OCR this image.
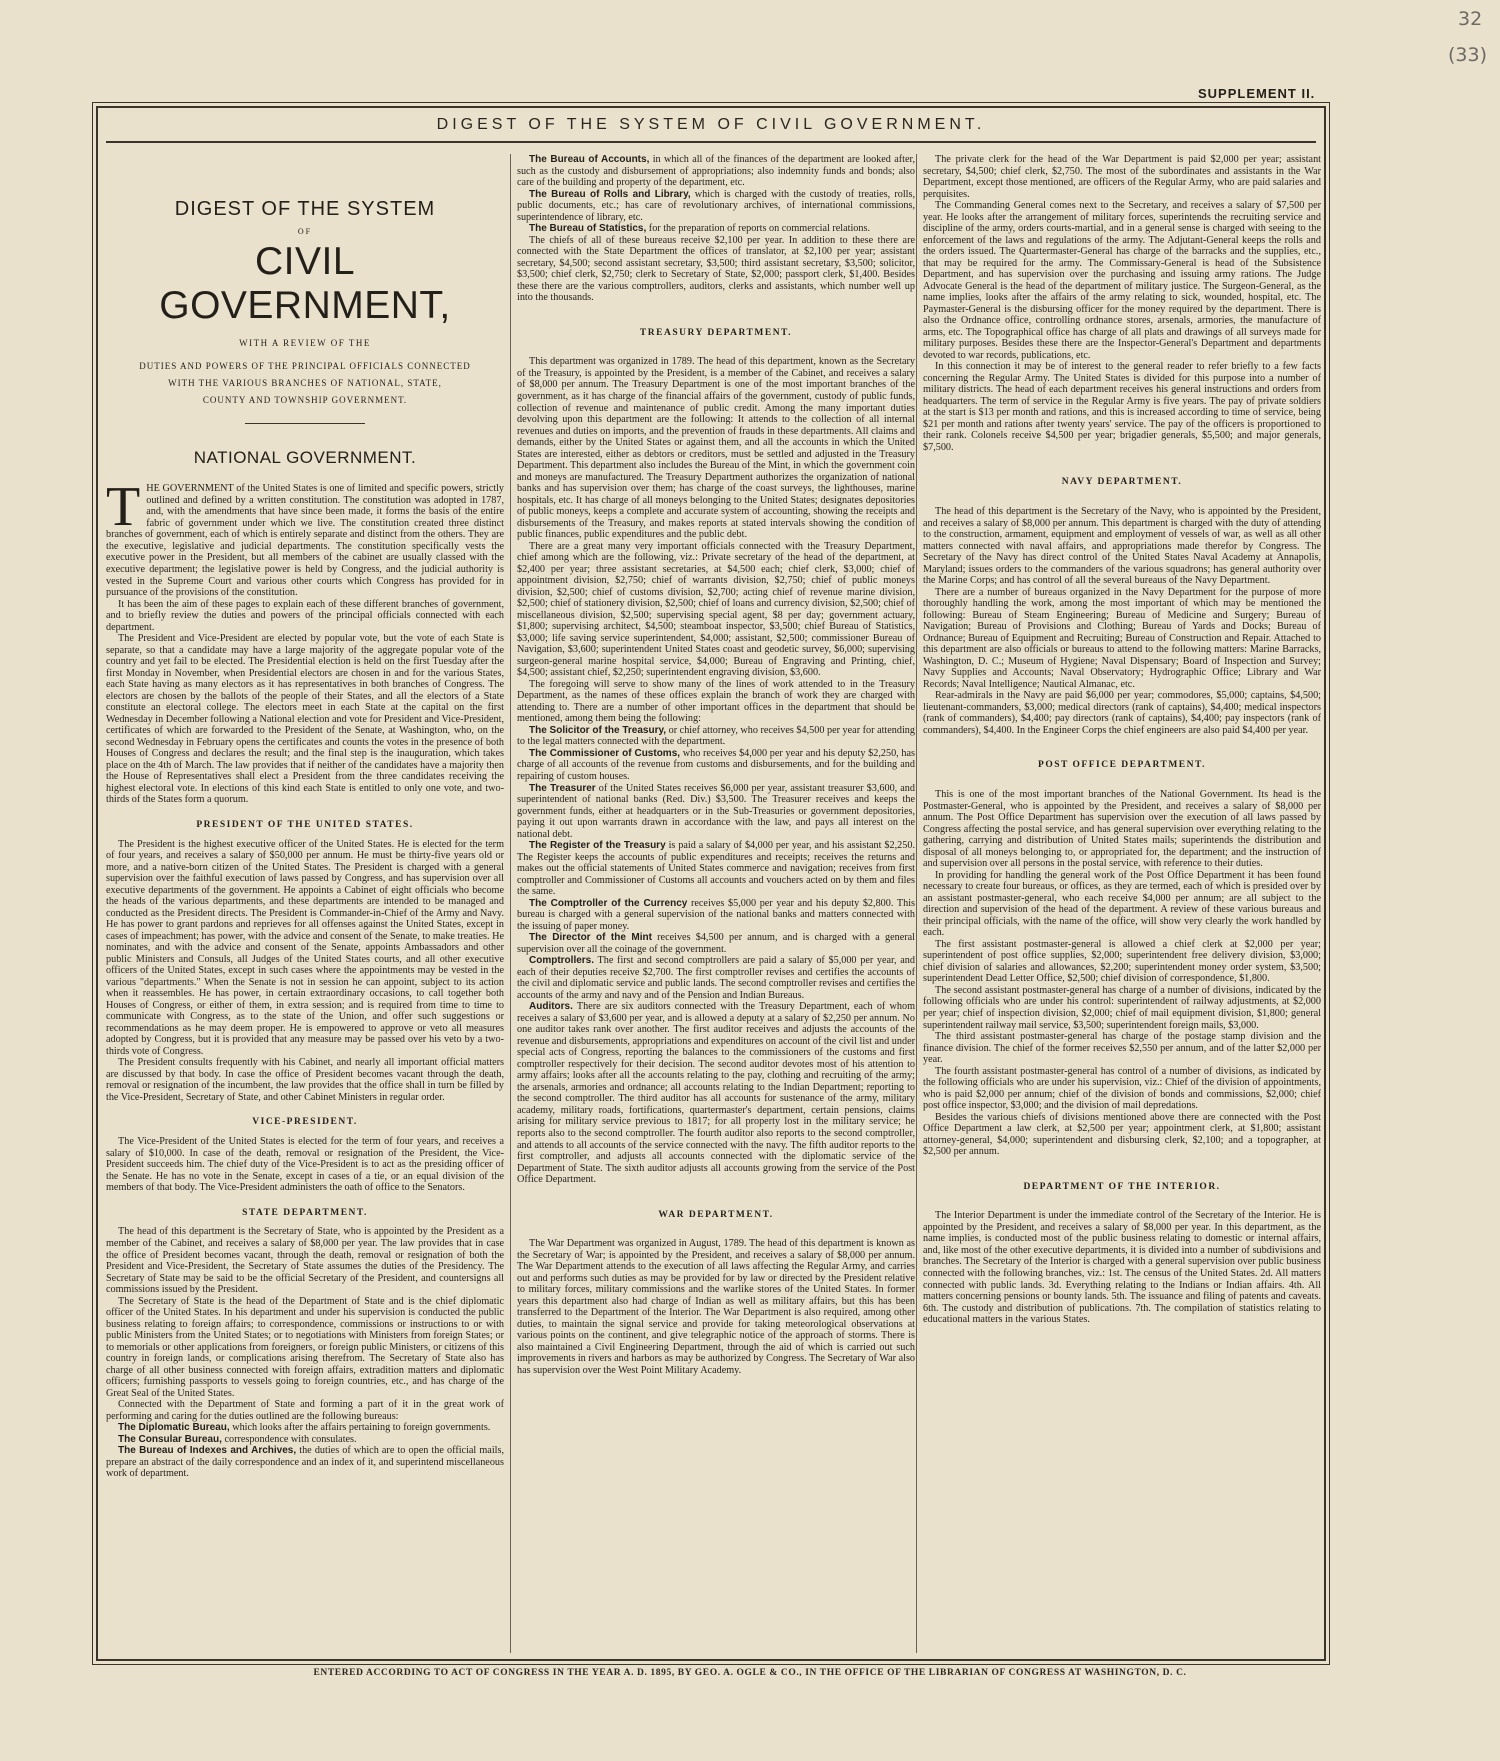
32
(33)
SUPPLEMENT II.
DIGEST OF THE SYSTEM OF CIVIL GOVERNMENT.
DIGEST OF THE SYSTEM
OF
CIVIL GOVERNMENT,
WITH A REVIEW OF THE
DUTIES AND POWERS OF THE PRINCIPAL OFFICIALS CONNECTED
WITH THE VARIOUS BRANCHES OF NATIONAL, STATE,
COUNTY AND TOWNSHIP GOVERNMENT.
NATIONAL GOVERNMENT.

THE GOVERNMENT of the United States is one of limited and specific powers, strictly outlined and defined by a written constitution. The constitution was adopted in 1787, and, with the amendments that have since been made, it forms the basis of the entire fabric of government under which we live. The constitution created three distinct branches of government, each of which is entirely separate and distinct from the others. They are the executive, legislative and judicial departments. The constitution specifically vests the executive power in the President, but all members of the cabinet are usually classed with the executive department; the legislative power is held by Congress, and the judicial authority is vested in the Supreme Court and various other courts which Congress has provided for in pursuance of the provisions of the constitution.

It has been the aim of these pages to explain each of these different branches of government, and to briefly review the duties and powers of the principal officials connected with each department.

The President and Vice-President are elected by popular vote, but the vote of each State is separate, so that a candidate may have a large majority of the aggregate popular vote of the country and yet fail to be elected. The Presidential election is held on the first Tuesday after the first Monday in November, when Presidential electors are chosen in and for the various States, each State having as many electors as it has representatives in both branches of Congress. The electors are chosen by the ballots of the people of their States, and all the electors of a State constitute an electoral college. The electors meet in each State at the capital on the first Wednesday in December following a National election and vote for President and Vice-President, certificates of which are forwarded to the President of the Senate, at Washington, who, on the second Wednesday in February opens the certificates and counts the votes in the presence of both Houses of Congress and declares the result; and the final step is the inauguration, which takes place on the 4th of March. The law provides that if neither of the candidates have a majority then the House of Representatives shall elect a President from the three candidates receiving the highest electoral vote. In elections of this kind each State is entitled to only one vote, and two-thirds of the States form a quorum.

PRESIDENT OF THE UNITED STATES.

The President is the highest executive officer of the United States. He is elected for the term of four years, and receives a salary of $50,000 per annum. He must be thirty-five years old or more, and a native-born citizen of the United States. The President is charged with a general supervision over the faithful execution of laws passed by Congress, and has supervision over all executive departments of the government. He appoints a Cabinet of eight officials who become the heads of the various departments, and these departments are intended to be managed and conducted as the President directs. The President is Commander-in-Chief of the Army and Navy. He has power to grant pardons and reprieves for all offenses against the United States, except in cases of impeachment; has power, with the advice and consent of the Senate, to make treaties. He nominates, and with the advice and consent of the Senate, appoints Ambassadors and other public Ministers and Consuls, all Judges of the United States courts, and all other executive officers of the United States, except in such cases where the appointments may be vested in the various "departments." When the Senate is not in session he can appoint, subject to its action when it reassembles. He has power, in certain extraordinary occasions, to call together both Houses of Congress, or either of them, in extra session; and is required from time to time to communicate with Congress, as to the state of the Union, and offer such suggestions or recommendations as he may deem proper. He is empowered to approve or veto all measures adopted by Congress, but it is provided that any measure may be passed over his veto by a two-thirds vote of Congress.

The President consults frequently with his Cabinet, and nearly all important official matters are discussed by that body. In case the office of President becomes vacant through the death, removal or resignation of the incumbent, the law provides that the office shall in turn be filled by the Vice-President, Secretary of State, and other Cabinet Ministers in regular order.

VICE-PRESIDENT.

The Vice-President of the United States is elected for the term of four years, and receives a salary of $10,000. In case of the death, removal or resignation of the President, the Vice-President succeeds him. The chief duty of the Vice-President is to act as the presiding officer of the Senate. He has no vote in the Senate, except in cases of a tie, or an equal division of the members of that body. The Vice-President administers the oath of office to the Senators.

STATE DEPARTMENT.

The head of this department is the Secretary of State, who is appointed by the President as a member of the Cabinet, and receives a salary of $8,000 per year. The law provides that in case the office of President becomes vacant, through the death, removal or resignation of both the President and Vice-President, the Secretary of State assumes the duties of the Presidency. The Secretary of State may be said to be the official Secretary of the President, and countersigns all commissions issued by the President.

The Secretary of State is the head of the Department of State and is the chief diplomatic officer of the United States. In his department and under his supervision is conducted the public business relating to foreign affairs; to correspondence, commissions or instructions to or with public Ministers from the United States; or to negotiations with Ministers from foreign States; or to memorials or other applications from foreigners, or foreign public Ministers, or citizens of this country in foreign lands, or complications arising therefrom. The Secretary of State also has charge of all other business connected with foreign affairs, extradition matters and diplomatic officers; furnishing passports to vessels going to foreign countries, etc., and has charge of the Great Seal of the United States.

Connected with the Department of State and forming a part of it in the great work of performing and caring for the duties outlined are the following bureaus:

The Diplomatic Bureau, which looks after the affairs pertaining to foreign governments.

The Consular Bureau, correspondence with consulates.

The Bureau of Indexes and Archives, the duties of which are to open the official mails, prepare an abstract of the daily correspondence and an index of it, and superintend miscellaneous work of department.

The Bureau of Accounts, in which all of the finances of the department are looked after, such as the custody and disbursement of appropriations; also indemnity funds and bonds; also care of the building and property of the department, etc.

The Bureau of Rolls and Library, which is charged with the custody of treaties, rolls, public documents, etc.; has care of revolutionary archives, of international commissions, superintendence of library, etc.

The Bureau of Statistics, for the preparation of reports on commercial relations.

The chiefs of all of these bureaus receive $2,100 per year. In addition to these there are connected with the State Department the offices of translator, at $2,100 per year; assistant secretary, $4,500; second assistant secretary, $3,500; third assistant secretary, $3,500; solicitor, $3,500; chief clerk, $2,750; clerk to Secretary of State, $2,000; passport clerk, $1,400. Besides these there are the various comptrollers, auditors, clerks and assistants, which number well up into the thousands.

TREASURY DEPARTMENT.

This department was organized in 1789. The head of this department, known as the Secretary of the Treasury, is appointed by the President, is a member of the Cabinet, and receives a salary of $8,000 per annum. The Treasury Department is one of the most important branches of the government, as it has charge of the financial affairs of the government, custody of public funds, collection of revenue and maintenance of public credit. Among the many important duties devolving upon this department are the following: It attends to the collection of all internal revenues and duties on imports, and the prevention of frauds in these departments. All claims and demands, either by the United States or against them, and all the accounts in which the United States are interested, either as debtors or creditors, must be settled and adjusted in the Treasury Department. This department also includes the Bureau of the Mint, in which the government coin and moneys are manufactured. The Treasury Department authorizes the organization of national banks and has supervision over them; has charge of the coast surveys, the lighthouses, marine hospitals, etc. It has charge of all moneys belonging to the United States; designates depositories of public moneys, keeps a complete and accurate system of accounting, showing the receipts and disbursements of the Treasury, and makes reports at stated intervals showing the condition of public finances, public expenditures and the public debt.

There are a great many very important officials connected with the Treasury Department, chief among which are the following, viz.: Private secretary of the head of the department, at $2,400 per year; three assistant secretaries, at $4,500 each; chief clerk, $3,000; chief of appointment division, $2,750; chief of warrants division, $2,750; chief of public moneys division, $2,500; chief of customs division, $2,700; acting chief of revenue marine division, $2,500; chief of stationery division, $2,500; chief of loans and currency division, $2,500; chief of miscellaneous division, $2,500; supervising special agent, $8 per day; government actuary, $1,800; supervising architect, $4,500; steamboat inspector, $3,500; chief Bureau of Statistics, $3,000; life saving service superintendent, $4,000; assistant, $2,500; commissioner Bureau of Navigation, $3,600; superintendent United States coast and geodetic survey, $6,000; supervising surgeon-general marine hospital service, $4,000; Bureau of Engraving and Printing, chief, $4,500; assistant chief, $2,250; superintendent engraving division, $3,600.

The foregoing will serve to show many of the lines of work attended to in the Treasury Department, as the names of these offices explain the branch of work they are charged with attending to. There are a number of other important offices in the department that should be mentioned, among them being the following:

The Solicitor of the Treasury, or chief attorney, who receives $4,500 per year for attending to the legal matters connected with the department.

The Commissioner of Customs, who receives $4,000 per year and his deputy $2,250, has charge of all accounts of the revenue from customs and disbursements, and for the building and repairing of custom houses.

The Treasurer of the United States receives $6,000 per year, assistant treasurer $3,600, and superintendent of national banks (Red. Div.) $3,500. The Treasurer receives and keeps the government funds, either at headquarters or in the Sub-Treasuries or government depositories, paying it out upon warrants drawn in accordance with the law, and pays all interest on the national debt.

The Register of the Treasury is paid a salary of $4,000 per year, and his assistant $2,250. The Register keeps the accounts of public expenditures and receipts; receives the returns and makes out the official statements of United States commerce and navigation; receives from first comptroller and Commissioner of Customs all accounts and vouchers acted on by them and files the same.

The Comptroller of the Currency receives $5,000 per year and his deputy $2,800. This bureau is charged with a general supervision of the national banks and matters connected with the issuing of paper money.

The Director of the Mint receives $4,500 per annum, and is charged with a general supervision over all the coinage of the government.

Comptrollers. The first and second comptrollers are paid a salary of $5,000 per year, and each of their deputies receive $2,700. The first comptroller revises and certifies the accounts of the civil and diplomatic service and public lands. The second comptroller revises and certifies the accounts of the army and navy and of the Pension and Indian Bureaus.

Auditors. There are six auditors connected with the Treasury Department, each of whom receives a salary of $3,600 per year, and is allowed a deputy at a salary of $2,250 per annum. No one auditor takes rank over another. The first auditor receives and adjusts the accounts of the revenue and disbursements, appropriations and expenditures on account of the civil list and under special acts of Congress, reporting the balances to the commissioners of the customs and first comptroller respectively for their decision. The second auditor devotes most of his attention to army affairs; looks after all the accounts relating to the pay, clothing and recruiting of the army; the arsenals, armories and ordnance; all accounts relating to the Indian Department; reporting to the second comptroller. The third auditor has all accounts for sustenance of the army, military academy, military roads, fortifications, quartermaster's department, certain pensions, claims arising for military service previous to 1817; for all property lost in the military service; he reports also to the second comptroller. The fourth auditor also reports to the second comptroller, and attends to all accounts of the service connected with the navy. The fifth auditor reports to the first comptroller, and adjusts all accounts connected with the diplomatic service of the Department of State. The sixth auditor adjusts all accounts growing from the service of the Post Office Department.

WAR DEPARTMENT.

The War Department was organized in August, 1789. The head of this department is known as the Secretary of War; is appointed by the President, and receives a salary of $8,000 per annum. The War Department attends to the execution of all laws affecting the Regular Army, and carries out and performs such duties as may be provided for by law or directed by the President relative to military forces, military commissions and the warlike stores of the United States. In former years this department also had charge of Indian as well as military affairs, but this has been transferred to the Department of the Interior. The War Department is also required, among other duties, to maintain the signal service and provide for taking meteorological observations at various points on the continent, and give telegraphic notice of the approach of storms. There is also maintained a Civil Engineering Department, through the aid of which is carried out such improvements in rivers and harbors as may be authorized by Congress. The Secretary of War also has supervision over the West Point Military Academy.

The private clerk for the head of the War Department is paid $2,000 per year; assistant secretary, $4,500; chief clerk, $2,750. The most of the subordinates and assistants in the War Department, except those mentioned, are officers of the Regular Army, who are paid salaries and perquisites.

The Commanding General comes next to the Secretary, and receives a salary of $7,500 per year. He looks after the arrangement of military forces, superintends the recruiting service and discipline of the army, orders courts-martial, and in a general sense is charged with seeing to the enforcement of the laws and regulations of the army. The Adjutant-General keeps the rolls and the orders issued. The Quartermaster-General has charge of the barracks and the supplies, etc., that may be required for the army. The Commissary-General is head of the Subsistence Department, and has supervision over the purchasing and issuing army rations. The Judge Advocate General is the head of the department of military justice. The Surgeon-General, as the name implies, looks after the affairs of the army relating to sick, wounded, hospital, etc. The Paymaster-General is the disbursing officer for the money required by the department. There is also the Ordnance office, controlling ordnance stores, arsenals, armories, the manufacture of arms, etc. The Topographical office has charge of all plats and drawings of all surveys made for military purposes. Besides these there are the Inspector-General's Department and departments devoted to war records, publications, etc.

In this connection it may be of interest to the general reader to refer briefly to a few facts concerning the Regular Army. The United States is divided for this purpose into a number of military districts. The head of each department receives his general instructions and orders from headquarters. The term of service in the Regular Army is five years. The pay of private soldiers at the start is $13 per month and rations, and this is increased according to time of service, being $21 per month and rations after twenty years' service. The pay of the officers is proportioned to their rank. Colonels receive $4,500 per year; brigadier generals, $5,500; and major generals, $7,500.

NAVY DEPARTMENT.

The head of this department is the Secretary of the Navy, who is appointed by the President, and receives a salary of $8,000 per annum. This department is charged with the duty of attending to the construction, armament, equipment and employment of vessels of war, as well as all other matters connected with naval affairs, and appropriations made therefor by Congress. The Secretary of the Navy has direct control of the United States Naval Academy at Annapolis, Maryland; issues orders to the commanders of the various squadrons; has general authority over the Marine Corps; and has control of all the several bureaus of the Navy Department.

There are a number of bureaus organized in the Navy Department for the purpose of more thoroughly handling the work, among the most important of which may be mentioned the following: Bureau of Steam Engineering; Bureau of Medicine and Surgery; Bureau of Navigation; Bureau of Provisions and Clothing; Bureau of Yards and Docks; Bureau of Ordnance; Bureau of Equipment and Recruiting; Bureau of Construction and Repair. Attached to this department are also officials or bureaus to attend to the following matters: Marine Barracks, Washington, D. C.; Museum of Hygiene; Naval Dispensary; Board of Inspection and Survey; Navy Supplies and Accounts; Naval Observatory; Hydrographic Office; Library and War Records; Naval Intelligence; Nautical Almanac, etc.

Rear-admirals in the Navy are paid $6,000 per year; commodores, $5,000; captains, $4,500; lieutenant-commanders, $3,000; medical directors (rank of captains), $4,400; medical inspectors (rank of commanders), $4,400; pay directors (rank of captains), $4,400; pay inspectors (rank of commanders), $4,400. In the Engineer Corps the chief engineers are also paid $4,400 per year.

POST OFFICE DEPARTMENT.

This is one of the most important branches of the National Government. Its head is the Postmaster-General, who is appointed by the President, and receives a salary of $8,000 per annum. The Post Office Department has supervision over the execution of all laws passed by Congress affecting the postal service, and has general supervision over everything relating to the gathering, carrying and distribution of United States mails; superintends the distribution and disposal of all moneys belonging to, or appropriated for, the department; and the instruction of and supervision over all persons in the postal service, with reference to their duties.

In providing for handling the general work of the Post Office Department it has been found necessary to create four bureaus, or offices, as they are termed, each of which is presided over by an assistant postmaster-general, who each receive $4,000 per annum; are all subject to the direction and supervision of the head of the department. A review of these various bureaus and their principal officials, with the name of the office, will show very clearly the work handled by each.

The first assistant postmaster-general is allowed a chief clerk at $2,000 per year; superintendent of post office supplies, $2,000; superintendent free delivery division, $3,000; chief division of salaries and allowances, $2,200; superintendent money order system, $3,500; superintendent Dead Letter Office, $2,500; chief division of correspondence, $1,800.

The second assistant postmaster-general has charge of a number of divisions, indicated by the following officials who are under his control: superintendent of railway adjustments, at $2,000 per year; chief of inspection division, $2,000; chief of mail equipment division, $1,800; general superintendent railway mail service, $3,500; superintendent foreign mails, $3,000.

The third assistant postmaster-general has charge of the postage stamp division and the finance division. The chief of the former receives $2,550 per annum, and of the latter $2,000 per year.

The fourth assistant postmaster-general has control of a number of divisions, as indicated by the following officials who are under his supervision, viz.: Chief of the division of appointments, who is paid $2,000 per annum; chief of the division of bonds and commissions, $2,000; chief post office inspector, $3,000; and the division of mail depredations.

Besides the various chiefs of divisions mentioned above there are connected with the Post Office Department a law clerk, at $2,500 per year; appointment clerk, at $1,800; assistant attorney-general, $4,000; superintendent and disbursing clerk, $2,100; and a topographer, at $2,500 per annum.

DEPARTMENT OF THE INTERIOR.

The Interior Department is under the immediate control of the Secretary of the Interior. He is appointed by the President, and receives a salary of $8,000 per year. In this department, as the name implies, is conducted most of the public business relating to domestic or internal affairs, and, like most of the other executive departments, it is divided into a number of subdivisions and branches. The Secretary of the Interior is charged with a general supervision over public business connected with the following branches, viz.: 1st. The census of the United States. 2d. All matters connected with public lands. 3d. Everything relating to the Indians or Indian affairs. 4th. All matters concerning pensions or bounty lands. 5th. The issuance and filing of patents and caveats. 6th. The custody and distribution of publications. 7th. The compilation of statistics relating to educational matters in the various States.

ENTERED ACCORDING TO ACT OF CONGRESS IN THE YEAR A. D. 1895, BY GEO. A. OGLE & CO., IN THE OFFICE OF THE LIBRARIAN OF CONGRESS AT WASHINGTON, D. C.
